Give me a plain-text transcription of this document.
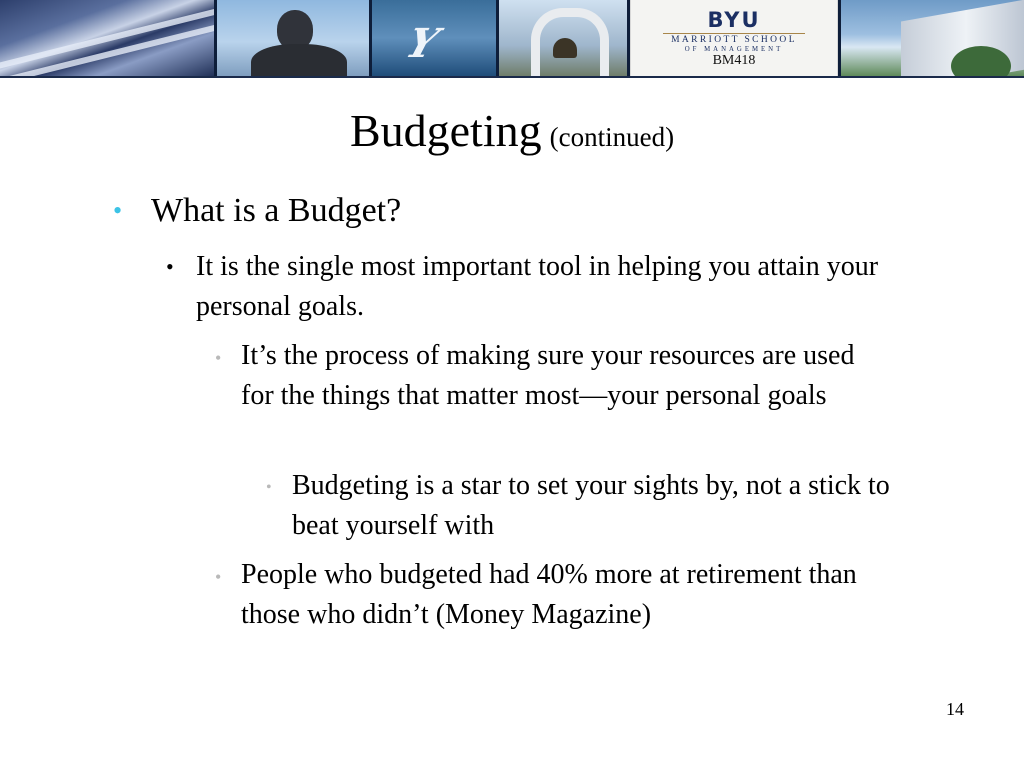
Y	BYU
MARRIOTT SCHOOL
OF MANAGEMENT
BM418
Budgeting (continued)
• What is a Budget?
• It is the single most important tool in helping you attain your personal goals.
• It’s the process of making sure your resources are used for the things that matter most—your personal goals
• Budgeting is a star to set your sights by, not a stick to beat yourself with
• People who budgeted had 40% more at retirement than those who didn’t (Money Magazine)
14
